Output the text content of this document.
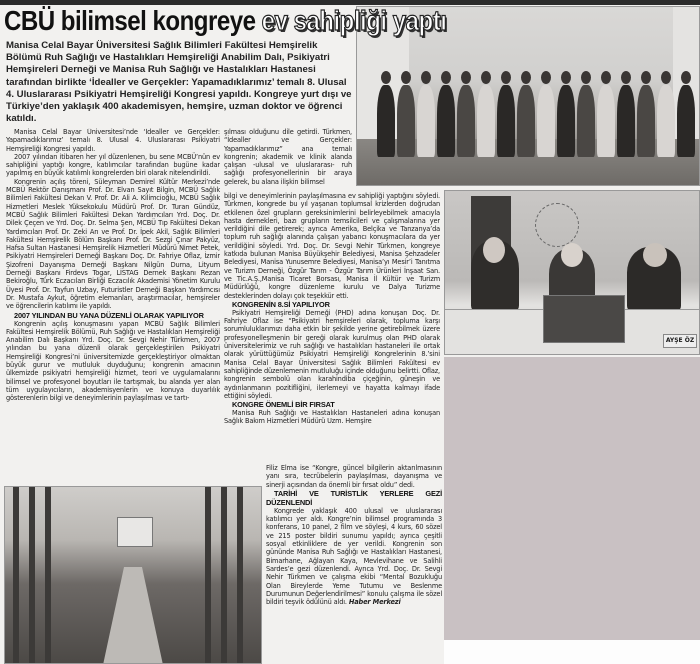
CBÜ bilimsel kongreye ev sahipliği yaptı
AYŞE ÖZ
Manisa Celal Bayar Üniversitesi Sağlık Bilimleri Fakültesi Hemşirelik Bölümü Ruh Sağlığı ve Hastalıkları Hemşireliği Anabilim Dalı, Psikiyatri Hemşireleri Derneği ve Manisa Ruh Sağlığı ve Hastalıkları Hastanesi tarafından birlikte ‘İdealler ve Gerçekler: Yapamadıklarımız’ temalı 8. Ulusal 4. Uluslararası Psikiyatri Hemşireliği Kongresi yapıldı. Kongreye yurt dışı ve Türkiye’den yaklaşık 400 akademisyen, hemşire, uzman doktor ve öğrenci katıldı.

Manisa Celal Bayar Üniversitesi’nde ‘İdealler ve Gerçekler: Yapamadıklarımız’ temalı 8. Ulusal 4. Uluslararası Psikiyatri Hemşireliği Kongresi yapıldı.

2007 yılından itibaren her yıl düzenlenen, bu sene MCBÜ’nün ev sahipliğini yaptığı kongre, katılımcılar tarafından bugüne kadar yapılmış en büyük katılımlı kongrelerden biri olarak nitelendirildi.

Kongrenin açılış töreni, Süleyman Demirel Kültür Merkezi’nde MCBÜ Rektör Danışmanı Prof. Dr. Elvan Sayıt Bilgin, MCBÜ Sağlık Bilimleri Fakültesi Dekan V. Prof. Dr. Ali A. Kilimcioğlu, MCBÜ Sağlık Hizmetleri Meslek Yüksekokulu Müdürü Prof. Dr. Turan Gündüz, MCBÜ Sağlık Bilimleri Fakültesi Dekan Yardımcıları Yrd. Doç. Dr. Dilek Çeçen ve Yrd. Doç. Dr. Selma Şen, MCBÜ Tıp Fakültesi Dekan Yardımcıları Prof. Dr. Zeki Arı ve Prof. Dr. İpek Akil, Sağlık Bilimleri Fakültesi Hemşirelik Bölüm Başkanı Prof. Dr. Sezgi Çınar Pakyüz, Hafsa Sultan Hastanesi Hemşirelik Hizmetleri Müdürü Nimet Petek, Psikiyatri Hemşireleri Derneği Başkanı Doç. Dr. Fahriye Oflaz, İzmir Şizofreni Dayanışma Derneği Başkanı Nilgün Durna, Lityum Derneği Başkanı Firdevs Togar, LİSTAG Dernek Başkanı Rezan Bekiroğlu, Türk Eczacıları Birliği Eczacılık Akademisi Yönetim Kurulu Üyesi Prof. Dr. Tayfun Uzbay, Futuristler Derneği Başkan Yardımcısı Dr. Mustafa Aykut, öğretim elemanları, araştırmacılar, hemşireler ve öğrencilerin katılımı ile yapıldı.

2007 YILINDAN BU YANA DÜZENLİ OLARAK YAPILIYOR

Kongrenin açılış konuşmasını yapan MCBÜ Sağlık Bilimleri Fakültesi Hemşirelik Bölümü, Ruh Sağlığı ve Hastalıkları Hemşireliği Anabilim Dalı Başkanı Yrd. Doç. Dr. Sevgi Nehir Türkmen, 2007 yılından bu yana düzenli olarak gerçekleştirilen Psikiyatri Hemşireliği Kongresi’ni üniversitemizde gerçekleştiriyor olmaktan büyük gurur ve mutluluk duyduğunu; kongrenin amacının ülkemizde psikiyatri hemşireliği hizmet, teori ve uygulamalarını bilimsel ve profesyonel boyutları ile tartışmak, bu alanda yer alan tüm uygulayıcıların, akademisyenlerin ve konuya duyarlılık gösterenlerin bilgi ve deneyimlerinin paylaşılması ve tartı-

şılması olduğunu dile getirdi. Türkmen, “İdealler ve Gerçekler: Yapamadıklarımız” ana temalı kongrenin; akademik ve klinik alanda çalışan -ulusal ve uluslararası- ruh sağlığı profesyonellerinin bir araya gelerek, bu alana ilişkin bilimsel

bilgi ve deneyimlerinin paylaşılmasına ev sahipliği yaptığını söyledi. Türkmen, kongrede bu yıl yaşanan toplumsal krizlerden doğrudan etkilenen özel grupların gereksinimlerini belirleyebilmek amacıyla hasta dernekleri, bazı grupların temsilcileri ve çalışmalarına yer verildiğini dile getirerek; ayrıca Amerika, Belçika ve Tanzanya’da toplum ruh sağlığı alanında çalışan yabancı konuşmacılara da yer verildiğini söyledi. Yrd. Doç. Dr. Sevgi Nehir Türkmen, kongreye katkıda bulunan Manisa Büyükşehir Belediyesi, Manisa Şehzadeler Belediyesi, Manisa Yunusemre Belediyesi, Manisa’yı Mesir’i Tanıtma ve Turizm Derneği, Özgür Tarım - Özgür Tarım Ürünleri İnşaat San. ve Tic.A.Ş.,Manisa Ticaret Borsası, Manisa İl Kültür ve Turizm Müdürlüğü, kongre düzenleme kurulu ve Dalya Turizme desteklerinden dolayı çok teşekkür etti.

KONGRENİN 8.Sİ YAPILIYOR

Psikiyatri Hemşireliği Derneği (PHD) adına konuşan Doç. Dr. Fahriye Oflaz ise “Psikiyatri hemşireleri olarak, topluma karşı sorumluluklarımızı daha etkin bir şekilde yerine getirebilmek üzere profesyonelleşmenin bir gereği olarak kurulmuş olan PHD olarak üniversitelerimiz ve ruh sağlığı ve hastalıkları hastaneleri ile ortak olarak yürüttüğümüz Psikiyatri Hemşireliği Kongrelerinin 8.’sini Manisa Celal Bayar Üniversitesi Sağlık Bilimleri Fakültesi ev sahipliğinde düzenlemenin mutluluğu içinde olduğunu belirtti. Oflaz, kongrenin sembolü olan karahindiba çiçeğinin, güneşin ve aydınlanmanın pozitifliğini, ilerlemeyi ve hayatta kalmayı ifade ettiğini söyledi.

KONGRE ÖNEMLİ BİR FIRSAT

Manisa Ruh Sağlığı ve Hastalıkları Hastaneleri adına konuşan Sağlık Bakım Hizmetleri Müdürü Uzm. Hemşire

Filiz Elma ise “Kongre, güncel bilgilerin aktarılmasının yanı sıra, tecrübelerin paylaşılması, dayanışma ve sinerji açısından da önemli bir fırsat oldu” dedi.

TARİHİ VE TURİSTLİK YERLERE GEZİ DÜZENLENDİ

Kongrede yaklaşık 400 ulusal ve uluslararası katılımcı yer aldı. Kongre’nin bilimsel programında 3 konferans, 10 panel, 2 film ve söyleşi, 4 kurs, 60 sözel ve 215 poster bildiri sunumu yapıldı; ayrıca çeşitli sosyal etkinliklere de yer verildi. Kongrenin son gününde Manisa Ruh Sağlığı ve Hastalıkları Hastanesi, Bimarhane, Ağlayan Kaya, Mevlevihane ve Salihli Sardes’e gezi düzenlendi. Ayrıca Yrd. Doç. Dr. Sevgi Nehir Türkmen ve çalışma ekibi “Mental Bozukluğu Olan Bireylerde Yeme Tutumu ve Beslenme Durumunun Değerlendirilmesi” konulu çalışma ile sözel bildiri teşvik ödülünü aldı. Haber Merkezi
